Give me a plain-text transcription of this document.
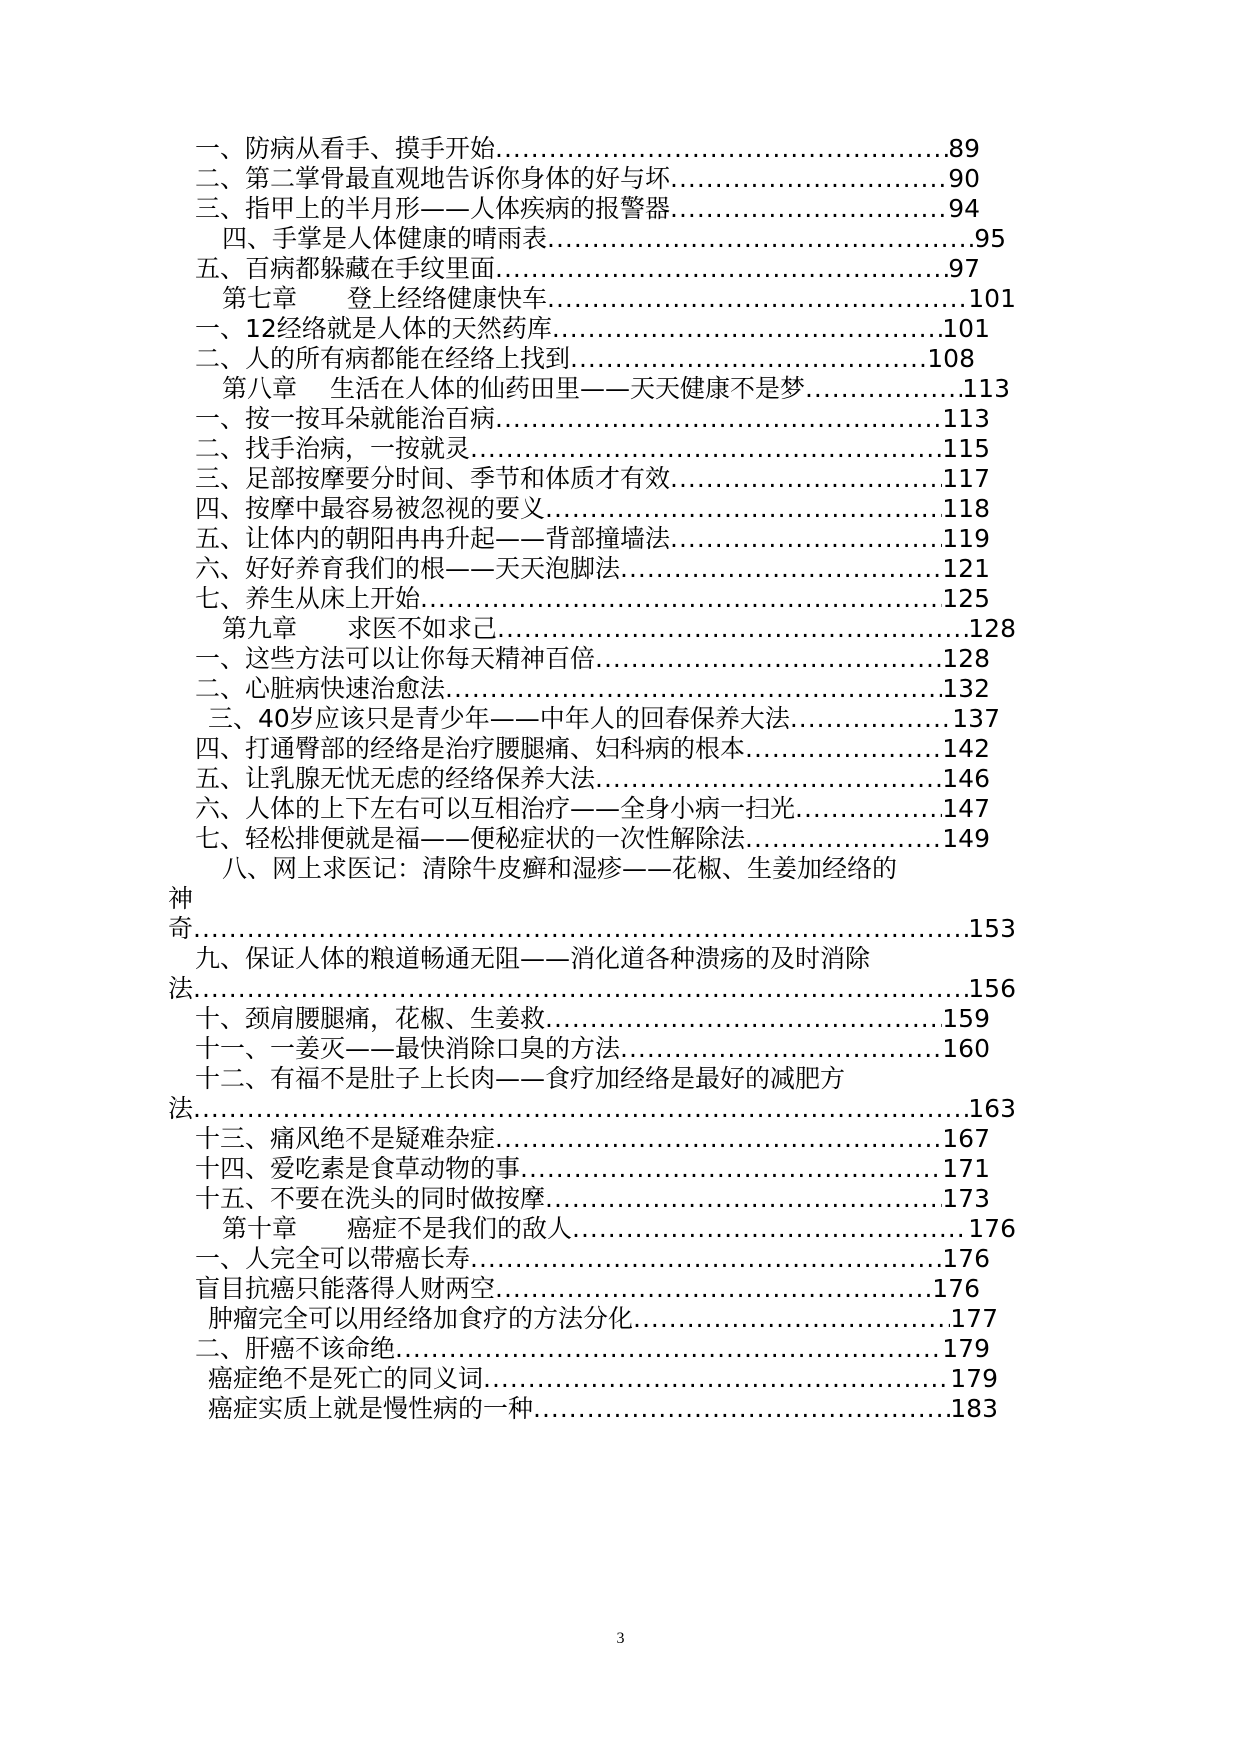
一、防病从看手、摸手开始 .....	89
二、第二掌骨最直观地告诉你身体的好与坏 .....	90
三、指甲上的半月形——人体疾病的报警器 .....	94
四、手掌是人体健康的晴雨表 .....	95
五、百病都躲藏在手纹里面 .....	97
第七章　　登上经络健康快车 .....	101
一、12经络就是人体的天然药库 .....	101
二、人的所有病都能在经络上找到 .....	108
第八章　 生活在人体的仙药田里——天天健康不是梦 .....	113
一、按一按耳朵就能治百病 .....	113
二、找手治病，一按就灵 .....	115
三、足部按摩要分时间、季节和体质才有效 .....	117
四、按摩中最容易被忽视的要义 .....	118
五、让体内的朝阳冉冉升起——背部撞墙法 .....	119
六、好好养育我们的根——天天泡脚法 .....	121
七、养生从床上开始 .....	125
第九章　　求医不如求己 .....	128
一、这些方法可以让你每天精神百倍 .....	128
二、心脏病快速治愈法 .....	132
三、40岁应该只是青少年——中年人的回春保养大法 .....	137
四、打通臀部的经络是治疗腰腿痛、妇科病的根本 .....	142
五、让乳腺无忧无虑的经络保养大法 .....	146
六、人体的上下左右可以互相治疗——全身小病一扫光 .....	147
七、轻松排便就是福——便秘症状的一次性解除法 .....	149
八、网上求医记：清除牛皮癣和湿疹——花椒、生姜加经络的
神
奇 .....	153
九、保证人体的粮道畅通无阻——消化道各种溃疡的及时消除
法 .....	156
十、颈肩腰腿痛，花椒、生姜救 .....	159
十一、一姜灭——最快消除口臭的方法 .....	160
十二、有福不是肚子上长肉——食疗加经络是最好的减肥方
法 .....	163
十三、痛风绝不是疑难杂症 .....	167
十四、爱吃素是食草动物的事 .....	171
十五、不要在洗头的同时做按摩 .....	173
第十章　　癌症不是我们的敌人 .....	176
一、人完全可以带癌长寿 .....	176
盲目抗癌只能落得人财两空 .....	176
肿瘤完全可以用经络加食疗的方法分化 .....	177
二、肝癌不该命绝 .....	179
癌症绝不是死亡的同义词 .....	179
癌症实质上就是慢性病的一种 .....	183
3
